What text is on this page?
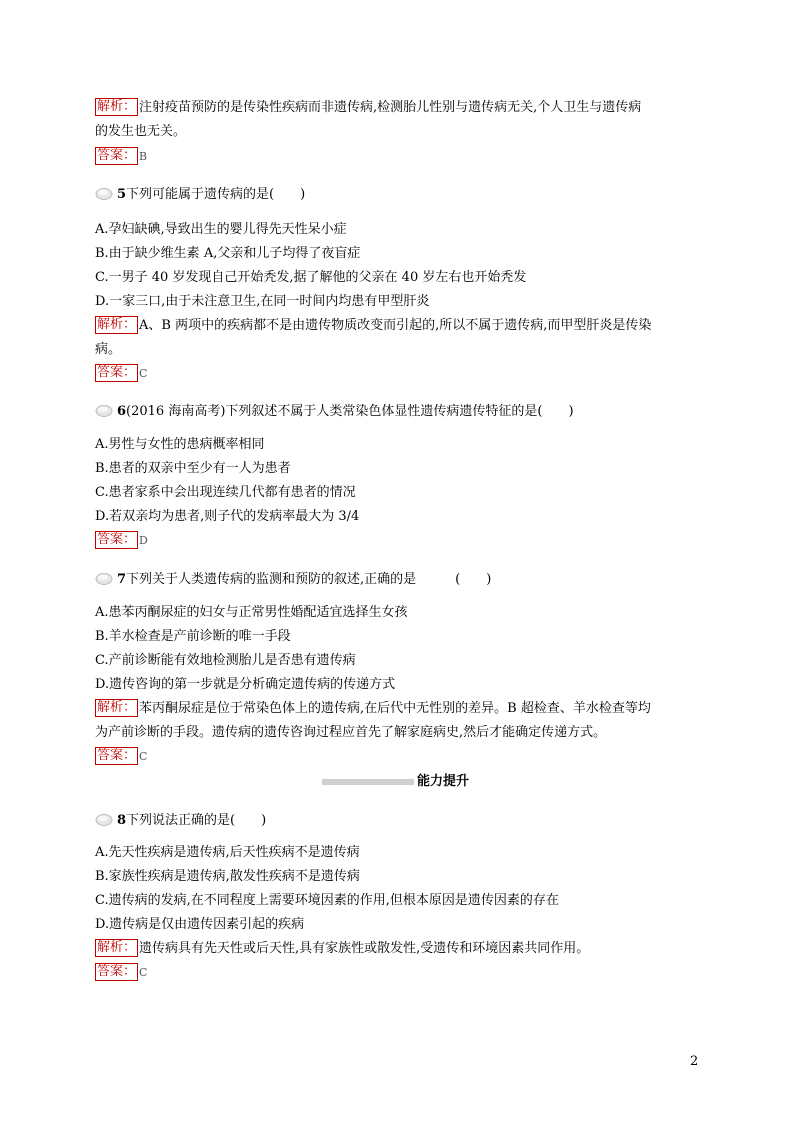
解析： 注射疫苗预防的是传染性疾病而非遗传病,检测胎儿性别与遗传病无关,个人卫生与遗传病
的发生也无关。
答案： B
5下列可能属于遗传病的是(　　)
A.孕妇缺碘,导致出生的婴儿得先天性呆小症
B.由于缺少维生素 A,父亲和儿子均得了夜盲症
C.一男子 40 岁发现自己开始秃发,据了解他的父亲在 40 岁左右也开始秃发
D.一家三口,由于未注意卫生,在同一时间内均患有甲型肝炎
解析： A、B 两项中的疾病都不是由遗传物质改变而引起的,所以不属于遗传病,而甲型肝炎是传染
病。
答案： C
6(2016 海南高考)下列叙述不属于人类常染色体显性遗传病遗传特征的是(　　)
A.男性与女性的患病概率相同
B.患者的双亲中至少有一人为患者
C.患者家系中会出现连续几代都有患者的情况
D.若双亲均为患者,则子代的发病率最大为 3/4
答案： D
7下列关于人类遗传病的监测和预防的叙述,正确的是　　　(　　)
A.患苯丙酮尿症的妇女与正常男性婚配适宜选择生女孩
B.羊水检查是产前诊断的唯一手段
C.产前诊断能有效地检测胎儿是否患有遗传病
D.遗传咨询的第一步就是分析确定遗传病的传递方式
解析： 苯丙酮尿症是位于常染色体上的遗传病,在后代中无性别的差异。B 超检查、羊水检查等均
为产前诊断的手段。遗传病的遗传咨询过程应首先了解家庭病史,然后才能确定传递方式。
答案： C
能力提升
8下列说法正确的是(　　)
A.先天性疾病是遗传病,后天性疾病不是遗传病
B.家族性疾病是遗传病,散发性疾病不是遗传病
C.遗传病的发病,在不同程度上需要环境因素的作用,但根本原因是遗传因素的存在
D.遗传病是仅由遗传因素引起的疾病
解析： 遗传病具有先天性或后天性,具有家族性或散发性,受遗传和环境因素共同作用。
答案： C
2
